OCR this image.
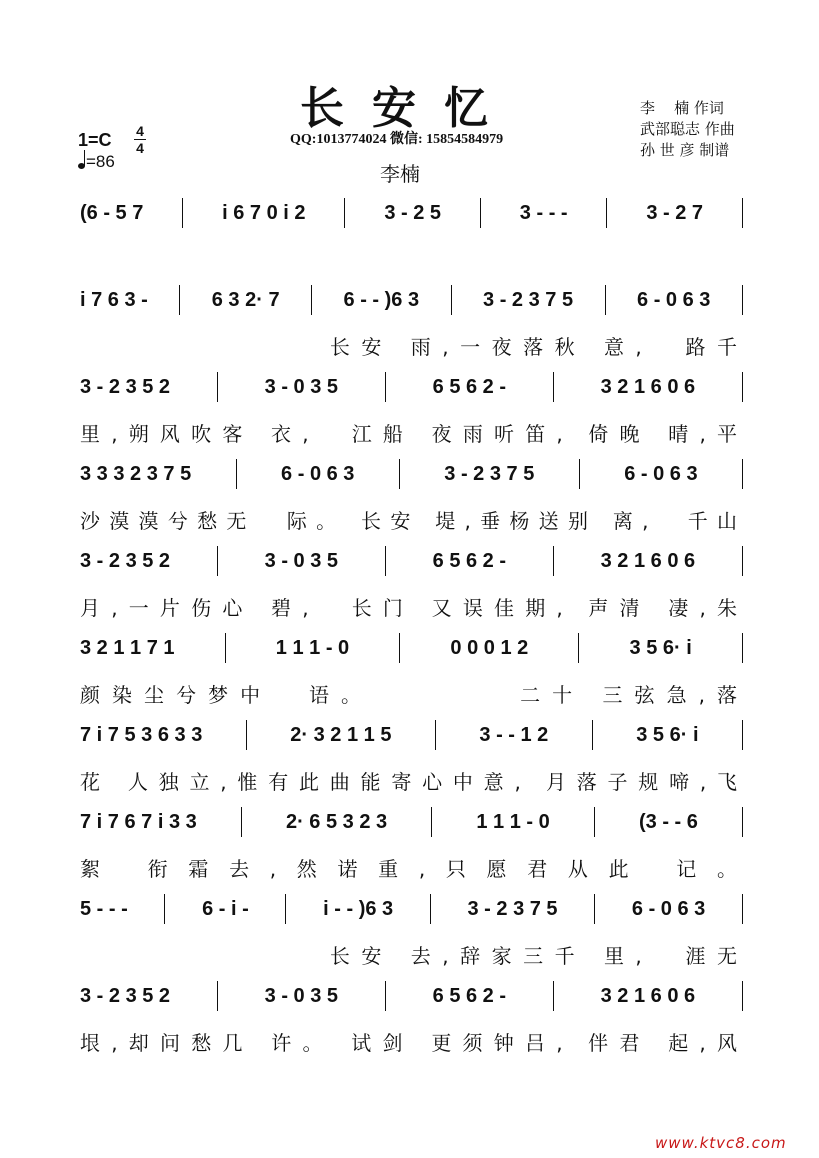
长安忆
QQ:1013774024 微信: 15854584979
李楠
李    楠 作词
武部聪志 作曲
孙 世 彦 制谱
1=C 4
4
=86
(6 - 5 7	i 6 7 0 i 2	3 - 2 5	3 - - -	3 - 2 7
i 7 6 3 -	6 3 2· 7	6 - - )6 3	3 - 2 3 7 5	6 - 0 6 3
长安 雨,一夜落秋 意,  路千
3 - 2 3 5 2	3 - 0 3 5	6 5 6 2 -	3 2 1 6 0 6
里,朔风吹客 衣,  江船 夜雨听笛, 倚晚 晴,平
3 3 3 2 3 7 5	6 - 0 6 3	3 - 2 3 7 5	6 - 0 6 3
沙漠漠兮愁无  际。 长安 堤,垂杨送别 离,  千山
3 - 2 3 5 2	3 - 0 3 5	6 5 6 2 -	3 2 1 6 0 6
月,一片伤心 碧,  长门 又误佳期, 声清 凄,朱
3 2 1 1 7 1	1 1 1 - 0	0 0 0 1 2	3 5 6· i
颜染尘兮梦中  语。        二十 三弦急,落
7 i 7 5 3 6 3 3	2· 3 2 1 1 5	3 - - 1 2	3 5 6· i
花 人独立,惟有此曲能寄心中意, 月落子规啼,飞
7 i 7 6 7 i 3 3	2· 6 5 3 2 3	1 1 1 - 0	(3 - - 6
絮 衔霜去,然诺重,只愿君从此 记。
5 - - -	6 - i -	i - - )6 3	3 - 2 3 7 5	6 - 0 6 3
长安 去,辞家三千 里,  涯无
3 - 2 3 5 2	3 - 0 3 5	6 5 6 2 -	3 2 1 6 0 6
垠,却问愁几 许。 试剑 更须钟吕, 伴君 起,风
www.ktvc8.com
